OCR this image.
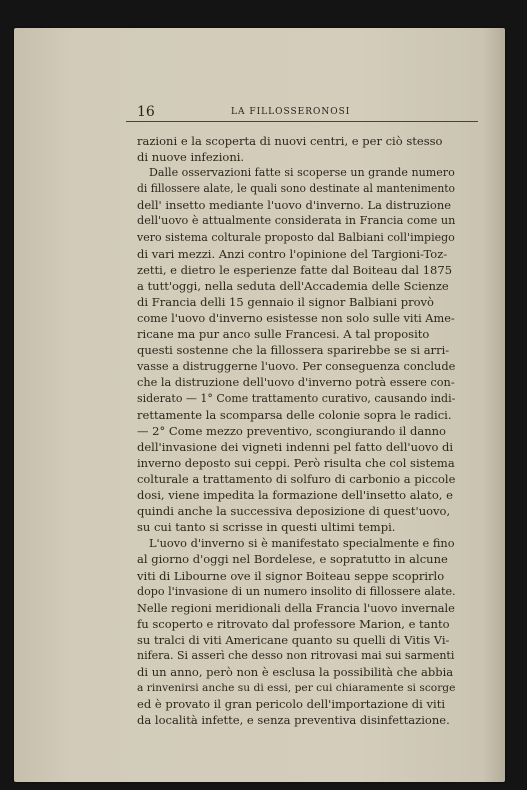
16	LA FILLOSSERONOSI
razioni e la scoperta di nuovi centri, e per ciò stesso
di nuove infezioni.
Dalle osservazioni fatte si scoperse un grande numero
di fillossere alate, le quali sono destinate al mantenimento
dell' insetto mediante l'uovo d'inverno. La distruzione
dell'uovo è attualmente considerata in Francia come un
vero sistema colturale proposto dal Balbiani coll'impiego
di vari mezzi. Anzi contro l'opinione del Targioni-Toz-
zetti, e dietro le esperienze fatte dal Boiteau dal 1875
a tutt'oggi, nella seduta dell'Accademia delle Scienze
di Francia delli 15 gennaio il signor Balbiani provò
come l'uovo d'inverno esistesse non solo sulle viti Ame-
ricane ma pur anco sulle Francesi. A tal proposito
questi sostenne che la fillossera sparirebbe se si arri-
vasse a distruggerne l'uovo. Per conseguenza conclude
che la distruzione dell'uovo d'inverno potrà essere con-
siderato — 1° Come trattamento curativo, causando indi-
rettamente la scomparsa delle colonie sopra le radici.
— 2° Come mezzo preventivo, scongiurando il danno
dell'invasione dei vigneti indenni pel fatto dell'uovo di
inverno deposto sui ceppi. Però risulta che col sistema
colturale a trattamento di solfuro di carbonio a piccole
dosi, viene impedita la formazione dell'insetto alato, e
quindi anche la successiva deposizione di quest'uovo,
su cui tanto si scrisse in questi ultimi tempi.
L'uovo d'inverno si è manifestato specialmente e fino
al giorno d'oggi nel Bordelese, e sopratutto in alcune
viti di Libourne ove il signor Boiteau seppe scoprirlo
dopo l'invasione di un numero insolito di fillossere alate.
Nelle regioni meridionali della Francia l'uovo invernale
fu scoperto e ritrovato dal professore Marion, e tanto
su tralci di viti Americane quanto su quelli di Vitis Vi-
nifera. Si asserì che desso non ritrovasi mai sui sarmenti
di un anno, però non è esclusa la possibilità che abbia
a rinvenirsi anche su di essi, per cui chiaramente si scorge
ed è provato il gran pericolo dell'importazione di viti
da località infette, e senza preventiva disinfettazione.
